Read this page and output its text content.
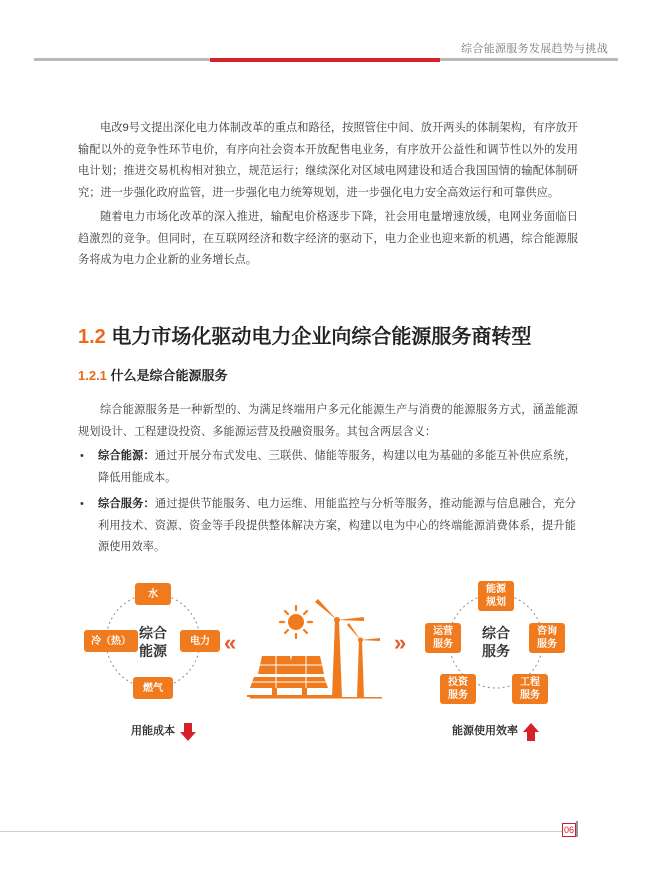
综合能源服务发展趋势与挑战

电改9号文提出深化电力体制改革的重点和路径，按照管住中间、放开两头的体制架构，有序放开输配以外的竞争性环节电价，有序向社会资本开放配售电业务，有序放开公益性和调节性以外的发用电计划；推进交易机构相对独立，规范运行；继续深化对区域电网建设和适合我国国情的输配体制研究；进一步强化政府监管，进一步强化电力统筹规划，进一步强化电力安全高效运行和可靠供应。

随着电力市场化改革的深入推进，输配电价格逐步下降，社会用电量增速放缓，电网业务面临日趋激烈的竞争。但同时，在互联网经济和数字经济的驱动下，电力企业也迎来新的机遇，综合能源服务将成为电力企业新的业务增长点。

1.2 电力市场化驱动电力企业向综合能源服务商转型
1.2.1 什么是综合能源服务

综合能源服务是一种新型的、为满足终端用户多元化能源生产与消费的能源服务方式，涵盖能源规划设计、工程建设投资、多能源运营及投融资服务。其包含两层含义：

• 综合能源：通过开展分布式发电、三联供、储能等服务，构建以电为基础的多能互补供应系统，降低用能成本。
• 综合服务：通过提供节能服务、电力运维、用能监控与分析等服务，推动能源与信息融合，充分利用技术、资源、资金等手段提供整体解决方案，构建以电为中心的终端能源消费体系，提升能源使用效率。
«	»
综合
能源
水
电力
燃气
冷（热）
用能成本
综合
服务
能源
规划
咨询
服务
工程
服务
投资
服务
运营
服务
能源使用效率
06
